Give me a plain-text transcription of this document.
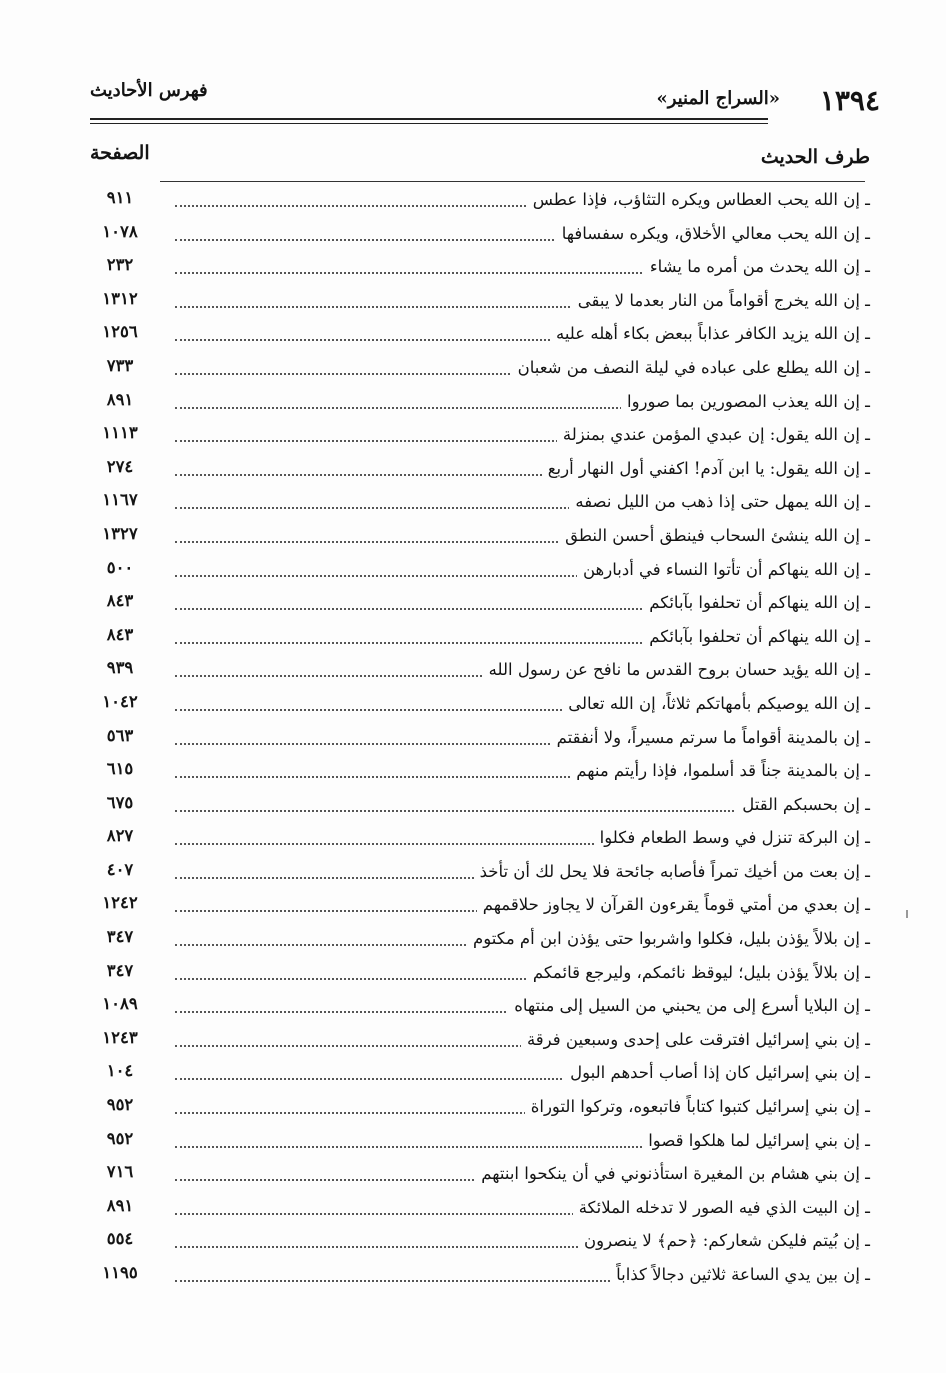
١٣٩٤
«السراج المنير»
فهرس الأحاديث
طرف الحديث
الصفحة
ـ إن الله يحب العطاس ويكره التثاؤب، فإذا عطس
٩١١
ـ إن الله يحب معالي الأخلاق، ويكره سفسافها
١٠٧٨
ـ إن الله يحدث من أمره ما يشاء
٢٣٢
ـ إن الله يخرج أقواماً من النار بعدما لا يبقى
١٣١٢
ـ إن الله يزيد الكافر عذاباً ببعض بكاء أهله عليه
١٢٥٦
ـ إن الله يطلع على عباده في ليلة النصف من شعبان
٧٣٣
ـ إن الله يعذب المصورين بما صوروا
٨٩١
ـ إن الله يقول: إن عبدي المؤمن عندي بمنزلة
١١١٣
ـ إن الله يقول: يا ابن آدم! اكفني أول النهار أربع
٢٧٤
ـ إن الله يمهل حتى إذا ذهب من الليل نصفه
١١٦٧
ـ إن الله ينشئ السحاب فينطق أحسن النطق
١٣٢٧
ـ إن الله ينهاكم أن تأتوا النساء في أدبارهن
٥٠٠
ـ إن الله ينهاكم أن تحلفوا بآبائكم
٨٤٣
ـ إن الله ينهاكم أن تحلفوا بآبائكم
٨٤٣
ـ إن الله يؤيد حسان بروح القدس ما نافح عن رسول الله
٩٣٩
ـ إن الله يوصيكم بأمهاتكم ثلاثاً، إن الله تعالى
١٠٤٢
ـ إن بالمدينة أقواماً ما سرتم مسيراً، ولا أنفقتم
٥٦٣
ـ إن بالمدينة جناً قد أسلموا، فإذا رأيتم منهم
٦١٥
ـ إن بحسبكم القتل
٦٧٥
ـ إن البركة تنزل في وسط الطعام فكلوا
٨٢٧
ـ إن بعت من أخيك تمراً فأصابه جائحة فلا يحل لك أن تأخذ
٤٠٧
ـ إن بعدي من أمتي قوماً يقرءون القرآن لا يجاوز حلاقمهم
١٢٤٢
ـ إن بلالاً يؤذن بليل، فكلوا واشربوا حتى يؤذن ابن أم مكتوم
٣٤٧
ـ إن بلالاً يؤذن بليل؛ ليوقظ نائمكم، وليرجع قائمكم
٣٤٧
ـ إن البلايا أسرع إلى من يحبني من السيل إلى منتهاه
١٠٨٩
ـ إن بني إسرائيل افترقت على إحدى وسبعين فرقة
١٢٤٣
ـ إن بني إسرائيل كان إذا أصاب أحدهم البول
١٠٤
ـ إن بني إسرائيل كتبوا كتاباً فاتبعوه، وتركوا التوراة
٩٥٢
ـ إن بني إسرائيل لما هلكوا قصوا
٩٥٢
ـ إن بني هشام بن المغيرة استأذنوني في أن ينكحوا ابنتهم
٧١٦
ـ إن البيت الذي فيه الصور لا تدخله الملائكة
٨٩١
ـ إن بُيتم فليكن شعاركم: ﴿حم﴾ لا ينصرون
٥٥٤
ـ إن بين يدي الساعة ثلاثين دجالاً كذاباً
١١٩٥
